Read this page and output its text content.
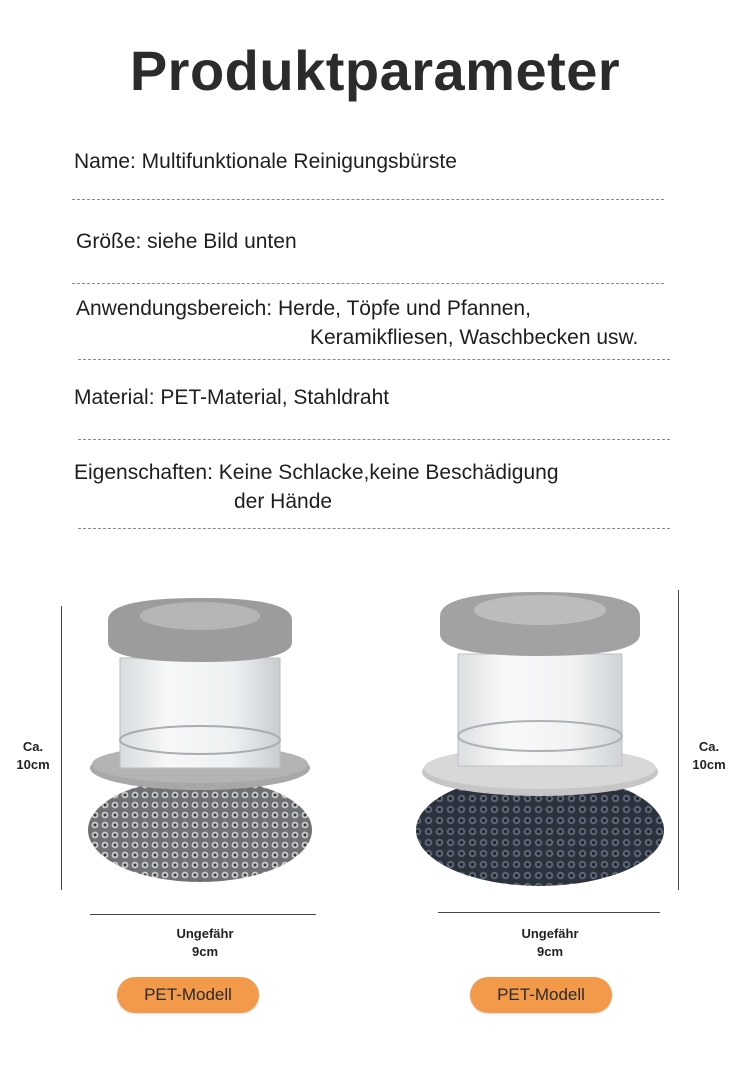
Produktparameter
Name: Multifunktionale Reinigungsbürste
Größe: siehe Bild unten
Anwendungsbereich: Herde, Töpfe und Pfannen,
Keramikfliesen, Waschbecken usw.
Material: PET-Material, Stahldraht
Eigenschaften: Keine Schlacke,keine Beschädigung
der Hände
Ca.
10cm
Ungefähr
9cm
PET-Modell
Ca.
10cm
Ungefähr
9cm
PET-Modell
